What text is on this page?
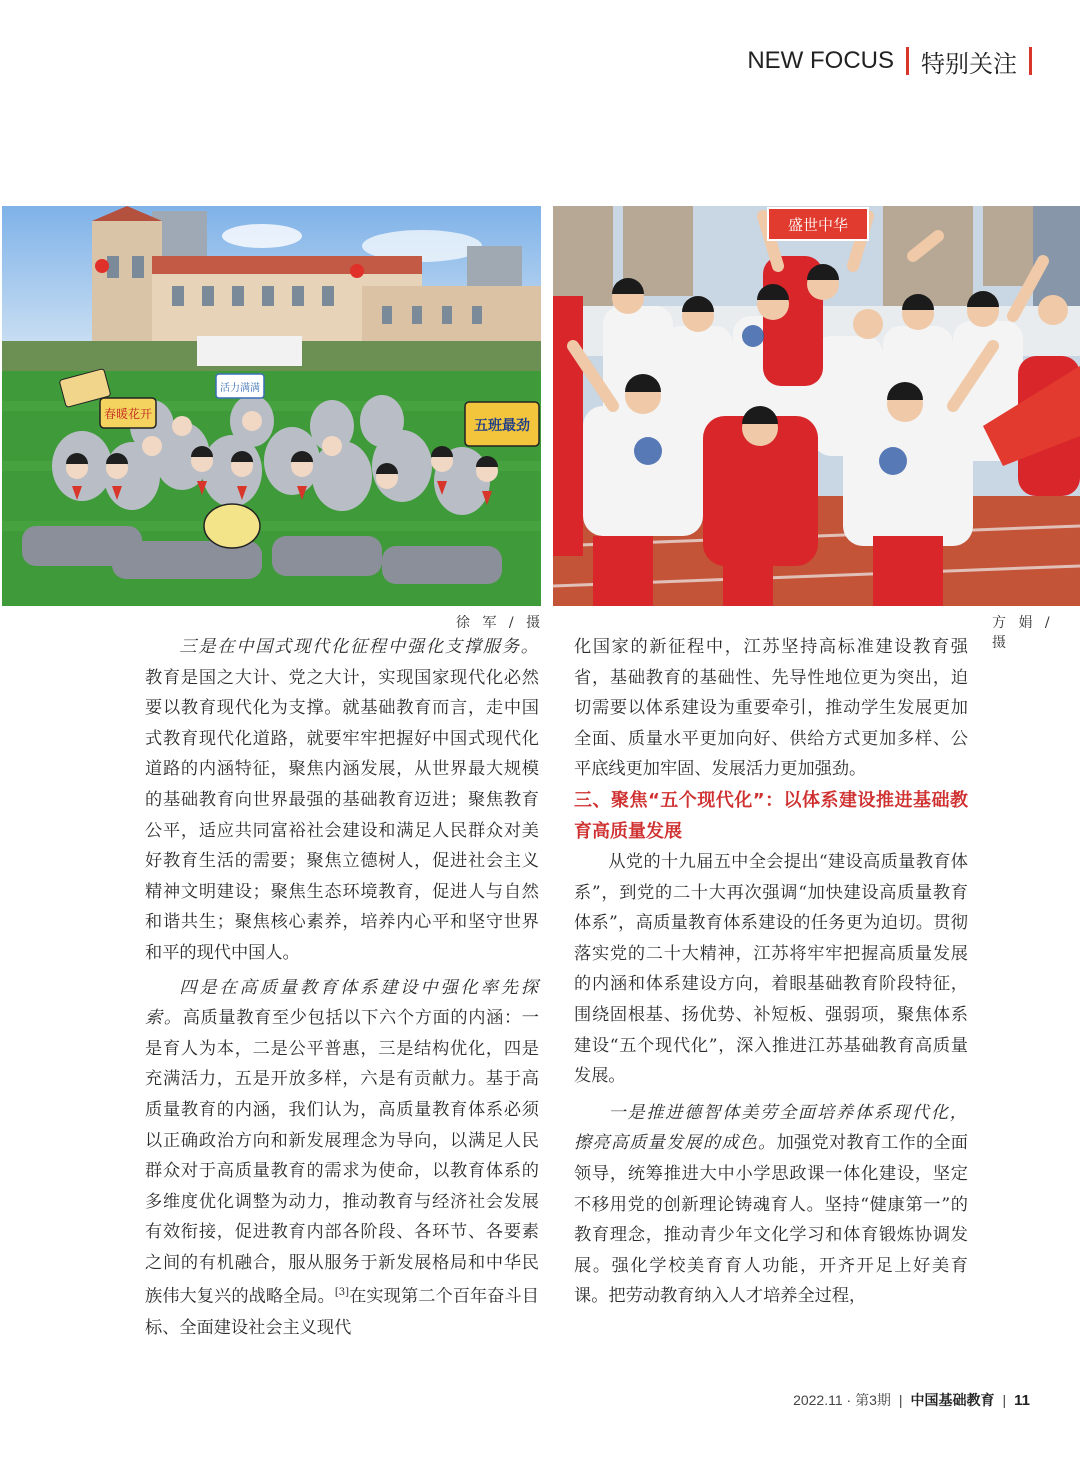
NEW FOCUS 特别关注
春暖花开
活力满满
五班最劲
徐 军 / 摄
盛世中华
方 娟 / 摄

三是在中国式现代化征程中强化支撑服务。教育是国之大计、党之大计，实现国家现代化必然要以教育现代化为支撑。就基础教育而言，走中国式教育现代化道路，就要牢牢把握好中国式现代化道路的内涵特征，聚焦内涵发展，从世界最大规模的基础教育向世界最强的基础教育迈进；聚焦教育公平，适应共同富裕社会建设和满足人民群众对美好教育生活的需要；聚焦立德树人，促进社会主义精神文明建设；聚焦生态环境教育，促进人与自然和谐共生；聚焦核心素养，培养内心平和坚守世界和平的现代中国人。

四是在高质量教育体系建设中强化率先探索。高质量教育至少包括以下六个方面的内涵：一是育人为本，二是公平普惠，三是结构优化，四是充满活力，五是开放多样，六是有贡献力。基于高质量教育的内涵，我们认为，高质量教育体系必须以正确政治方向和新发展理念为导向，以满足人民群众对于高质量教育的需求为使命，以教育体系的多维度优化调整为动力，推动教育与经济社会发展有效衔接，促进教育内部各阶段、各环节、各要素之间的有机融合，服从服务于新发展格局和中华民族伟大复兴的战略全局。[3]在实现第二个百年奋斗目标、全面建设社会主义现代

化国家的新征程中，江苏坚持高标准建设教育强省，基础教育的基础性、先导性地位更为突出，迫切需要以体系建设为重要牵引，推动学生发展更加全面、质量水平更加向好、供给方式更加多样、公平底线更加牢固、发展活力更加强劲。

三、聚焦“五个现代化”：以体系建设推进基础教育高质量发展

从党的十九届五中全会提出“建设高质量教育体系”，到党的二十大再次强调“加快建设高质量教育体系”，高质量教育体系建设的任务更为迫切。贯彻落实党的二十大精神，江苏将牢牢把握高质量发展的内涵和体系建设方向，着眼基础教育阶段特征，围绕固根基、扬优势、补短板、强弱项，聚焦体系建设“五个现代化”，深入推进江苏基础教育高质量发展。

一是推进德智体美劳全面培养体系现代化，擦亮高质量发展的成色。加强党对教育工作的全面领导，统筹推进大中小学思政课一体化建设，坚定不移用党的创新理论铸魂育人。坚持“健康第一”的教育理念，推动青少年文化学习和体育锻炼协调发展。强化学校美育育人功能，开齐开足上好美育课。把劳动教育纳入人才培养全过程，

2022.11 · 第3期 | 中国基础教育 | 11
